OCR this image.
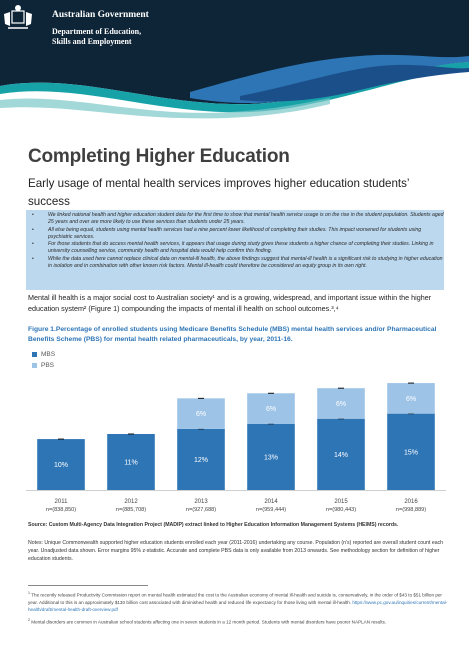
Australian Government
Department of Education,
Skills and Employment
Completing Higher Education
Early usage of mental health services improves higher education students’ success
• We linked national health and higher education student data for the first time to show that mental health service usage is on the rise in the student population. Students aged 25 years and over are more likely to use these services than students under 25 years.
• All else being equal, students using mental health services had a nine percent lower likelihood of completing their studies. This impact worsened for students using psychiatric services.
• For those students that do access mental health services, it appears that usage during study gives these students a higher chance of completing their studies. Linking in university counselling service, community health and hospital data would help confirm this finding.
• While the data used here cannot replace clinical data on mental-ill health, the above findings suggest that mental-ill health is a significant risk to studying in higher education in isolation and in combination with other known risk factors. Mental ill-health could therefore be considered an equity group in its own right.

Mental ill health is a major social cost to Australian society¹ and is a growing, widespread, and important issue within the higher education system² (Figure 1) compounding the impacts of mental ill health on school outcomes.³,⁴

Figure 1.Percentage of enrolled students using Medicare Benefits Schedule (MBS) mental health services and/or Pharmaceutical Benefits Scheme (PBS) for mental health related pharmaceuticals, by year, 2011-16.

MBS
PBS
10%
2011
n=(838,850)
11%
2012
n=(885,708)
12%
6%
2013
n=(927,688)
13%
6%
2014
n=(959,444)
14%
6%
2015
n=(980,443)
15%
6%
2016
n=(998,889)

Source: Custom Multi-Agency Data Integration Project (MADIP) extract linked to Higher Education Information Management Systems (HEIMS) records.

Notes: Unique Commonwealth supported higher education students enrolled each year (2011-2016) undertaking any course. Population (n’s) reported are overall student count each year. Unadjusted data shown. Error margins 95% z-statistic. Accurate and complete PBS data is only available from 2013 onwards. See methodology section for definition of higher education students.

$^1$ The recently released Productivity Commission report on mental health estimated the cost to the Australian economy of mental ill-health and suicide is, conservatively, in the order of $43 to $51 billion per year. Additional to this is an approximately $130 billion cost associated with diminished health and reduced life expectancy for those living with mental ill-health. https://www.pc.gov.au/inquiries/current/mental-health/draft/mental-health-draft-overview.pdf

$^2$ Mental disorders are common in Australian school students affecting one in seven students in a 12 month period. Students with mental disorders have poorer NAPLAN results.
